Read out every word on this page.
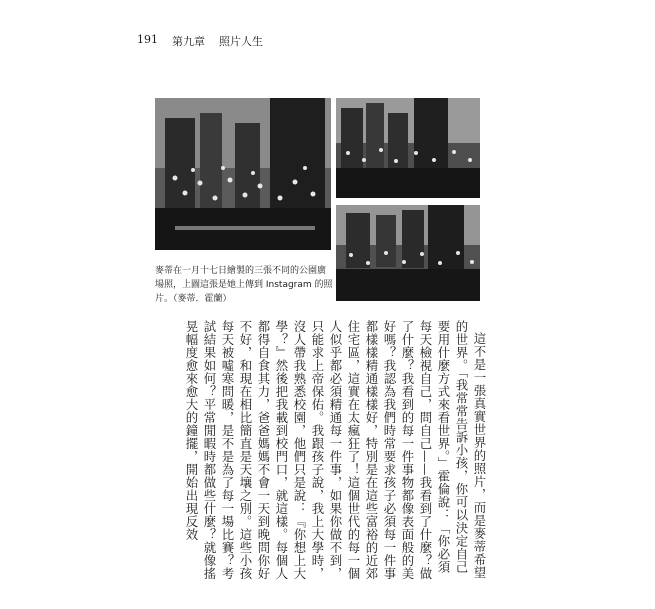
191 第九章 照片人生
麥蒂在一月十七日繪製的三張不同的公園廣場照，上圖這張是她上傳到 Instagram 的照片。（麥蒂．霍蘭）

這不是一張真實世界的照片，而是麥蒂希望的世界。「我常常告訴小孩，你可以決定自己要用什麼方式來看世界。」霍倫說：「你必須每天檢視自己，問自己——我看到了什麼？做了什麼？我看到的每一件事物都像表面般的美好嗎？我認為我們時常要求孩子必須每一件事都樣樣精通樣樣好，特別是在這些富裕的近郊住宅區，這實在太瘋狂了！這個世代的每一個人似乎都必須精通每一件事，如果你做不到，只能求上帝保佑。我跟孩子說，我上大學時，沒人帶我熟悉校園，他們只是說：『你想上大學？』然後把我載到校門口，就這樣。每個人都得自食其力，爸爸媽媽不會一天到晚問你好不好，和現在相比簡直是天壤之別。這些小孩每天被噓寒問暖，是不是為了每一場比賽？考試結果如何？平常閒暇時都做些什麼？就像搖晃幅度愈來愈大的鐘擺，開始出現反效
